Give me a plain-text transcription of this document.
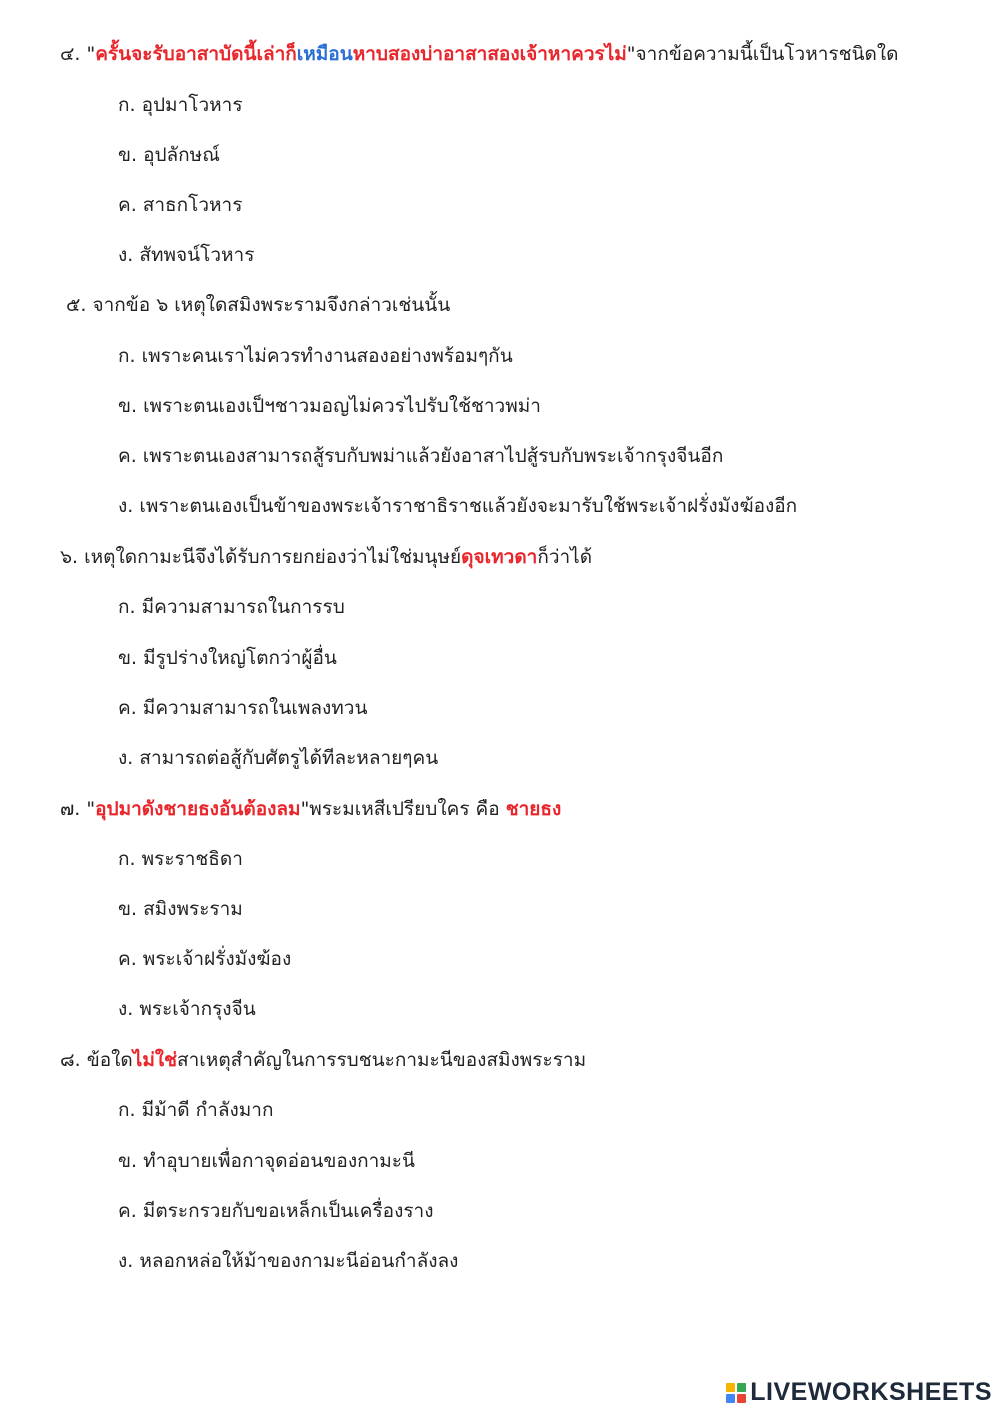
๔. "ครั้นจะรับอาสาบัดนี้เล่าก็เหมือนหาบสองบ่าอาสาสองเจ้าหาควรไม่"จากข้อความนี้เป็นโวหารชนิดใด
ก. อุปมาโวหาร
ข. อุปลักษณ์
ค. สาธกโวหาร
ง. สัทพจน์โวหาร
๕. จากข้อ ๖ เหตุใดสมิงพระรามจึงกล่าวเช่นนั้น
ก. เพราะคนเราไม่ควรทำงานสองอย่างพร้อมๆกัน
ข. เพราะตนเองเป็ฯชาวมอญไม่ควรไปรับใช้ชาวพม่า
ค. เพราะตนเองสามารถสู้รบกับพม่าแล้วยังอาสาไปสู้รบกับพระเจ้ากรุงจีนอีก
ง. เพราะตนเองเป็นข้าของพระเจ้าราชาธิราชแล้วยังจะมารับใช้พระเจ้าฝรั่งมังฆ้องอีก
๖. เหตุใดกามะนีจึงได้รับการยกย่องว่าไม่ใช่มนุษย์ดุจเทวดาก็ว่าได้
ก. มีความสามารถในการรบ
ข. มีรูปร่างใหญ่โตกว่าผู้อื่น
ค. มีความสามารถในเพลงทวน
ง. สามารถต่อสู้กับศัตรูได้ทีละหลายๆคน
๗. "อุปมาดังชายธงอันต้องลม"พระมเหสีเปรียบใคร คือ ชายธง
ก. พระราชธิดา
ข. สมิงพระราม
ค. พระเจ้าฝรั่งมังฆ้อง
ง. พระเจ้ากรุงจีน
๘. ข้อใดไม่ใช่สาเหตุสำคัญในการรบชนะกามะนีของสมิงพระราม
ก. มีม้าดี กำลังมาก
ข. ทำอุบายเพื่อกาจุดอ่อนของกามะนี
ค. มีตระกรวยกับขอเหล็กเป็นเครื่องราง
ง. หลอกหล่อให้ม้าของกามะนีอ่อนกำลังลง
LIVEWORKSHEETS
